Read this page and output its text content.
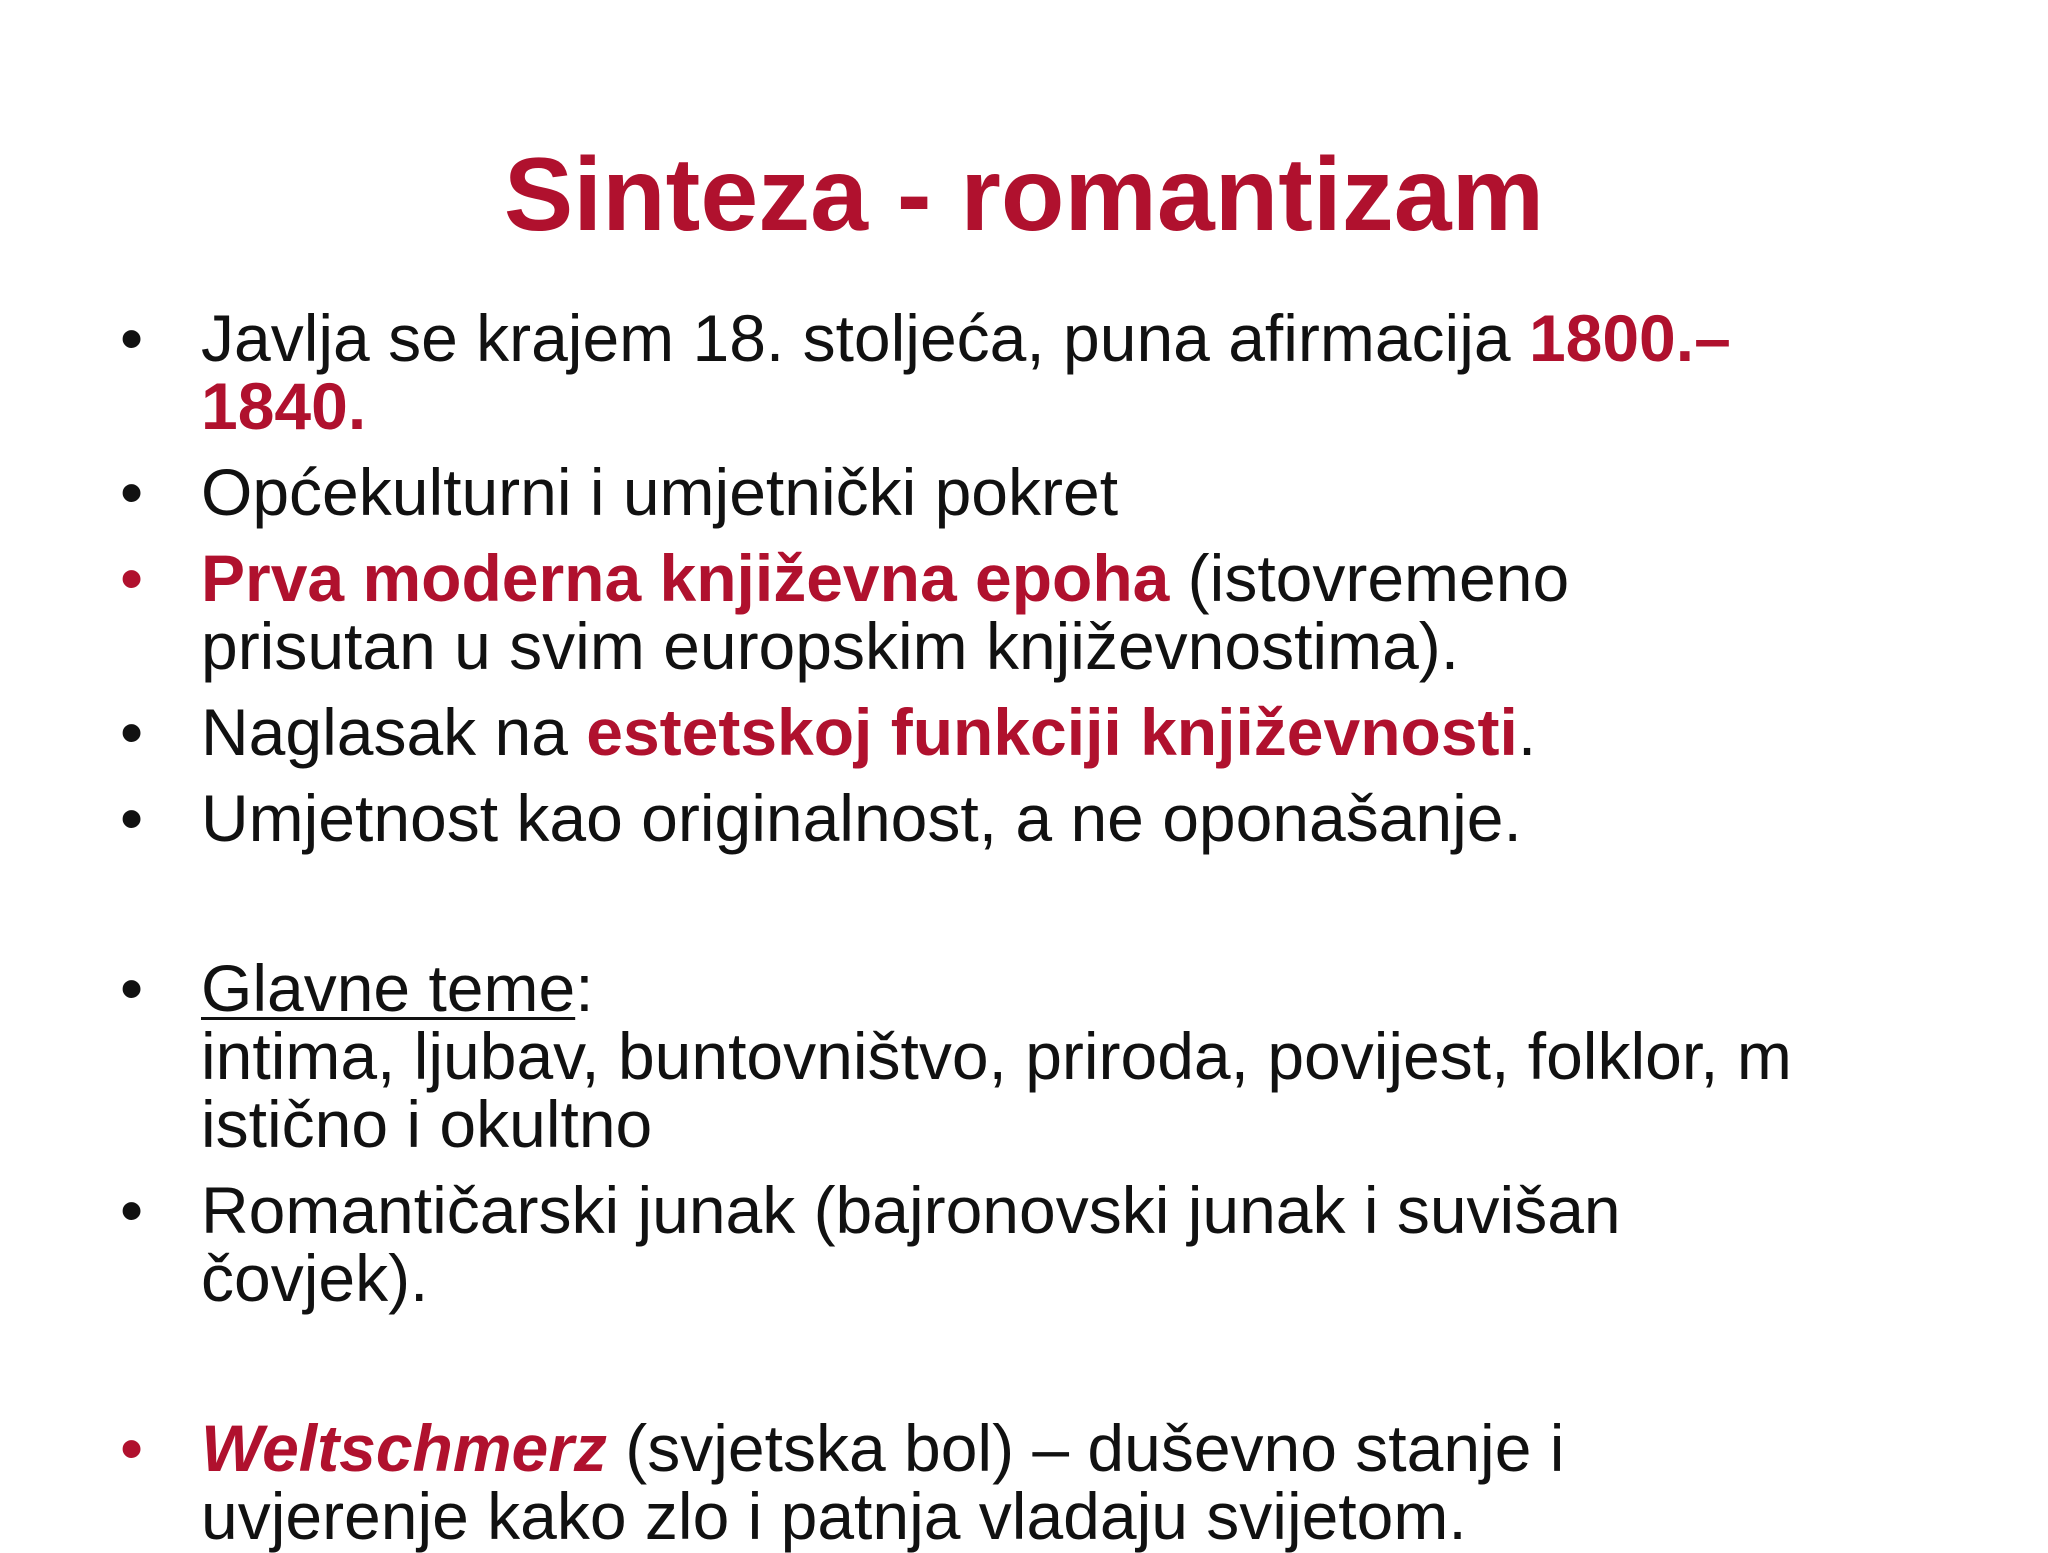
Sinteza - romantizam
• Javlja se krajem 18. stoljeća, puna afirmacija 1800.–
1840.
• Općekulturni i umjetnički pokret
• Prva moderna književna epoha (istovremeno
prisutan u svim europskim književnostima).
• Naglasak na estetskoj funkciji književnosti.
• Umjetnost kao originalnost, a ne oponašanje.
• Glavne teme:
intima, ljubav, buntovništvo, priroda, povijest, folklor, m
istično i okultno
• Romantičarski junak (bajronovski junak i suvišan
čovjek).
• Weltschmerz (svjetska bol) – duševno stanje i
uvjerenje kako zlo i patnja vladaju svijetom.
